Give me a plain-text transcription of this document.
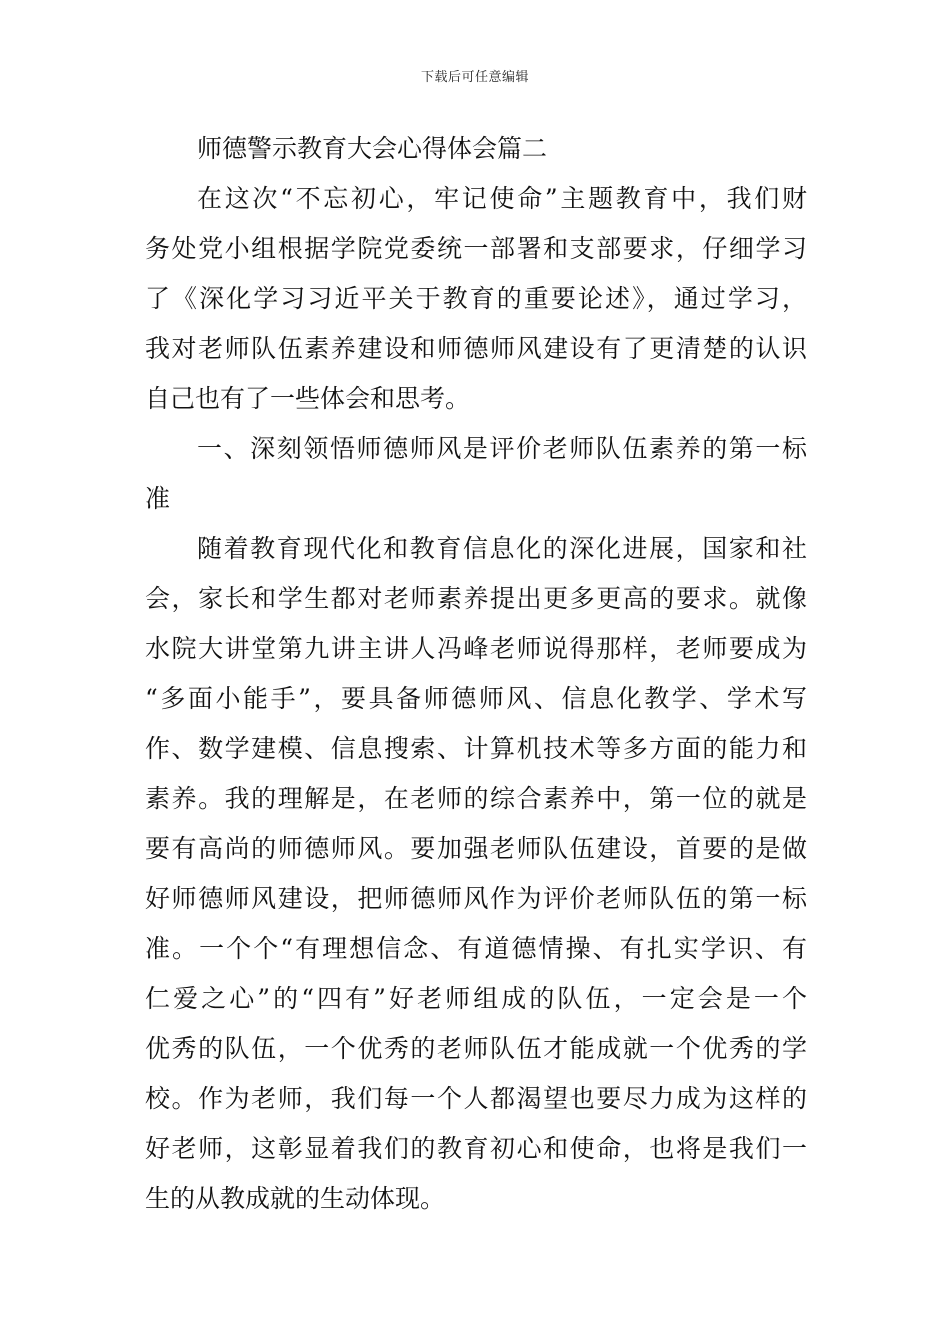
下载后可任意编辑
师德警示教育大会心得体会篇二
在这次“不忘初心，牢记使命”主题教育中，我们财
务处党小组根据学院党委统一部署和支部要求，仔细学习
了《深化学习习近平关于教育的重要论述》，通过学习，
我对老师队伍素养建设和师德师风建设有了更清楚的认识
自己也有了一些体会和思考。
一、深刻领悟师德师风是评价老师队伍素养的第一标
准
随着教育现代化和教育信息化的深化进展，国家和社
会，家长和学生都对老师素养提出更多更高的要求。就像
水院大讲堂第九讲主讲人冯峰老师说得那样，老师要成为
“多面小能手”，要具备师德师风、信息化教学、学术写
作、数学建模、信息搜索、计算机技术等多方面的能力和
素养。我的理解是，在老师的综合素养中，第一位的就是
要有高尚的师德师风。要加强老师队伍建设，首要的是做
好师德师风建设，把师德师风作为评价老师队伍的第一标
准。一个个“有理想信念、有道德情操、有扎实学识、有
仁爱之心”的“四有”好老师组成的队伍，一定会是一个
优秀的队伍，一个优秀的老师队伍才能成就一个优秀的学
校。作为老师，我们每一个人都渴望也要尽力成为这样的
好老师，这彰显着我们的教育初心和使命，也将是我们一
生的从教成就的生动体现。
